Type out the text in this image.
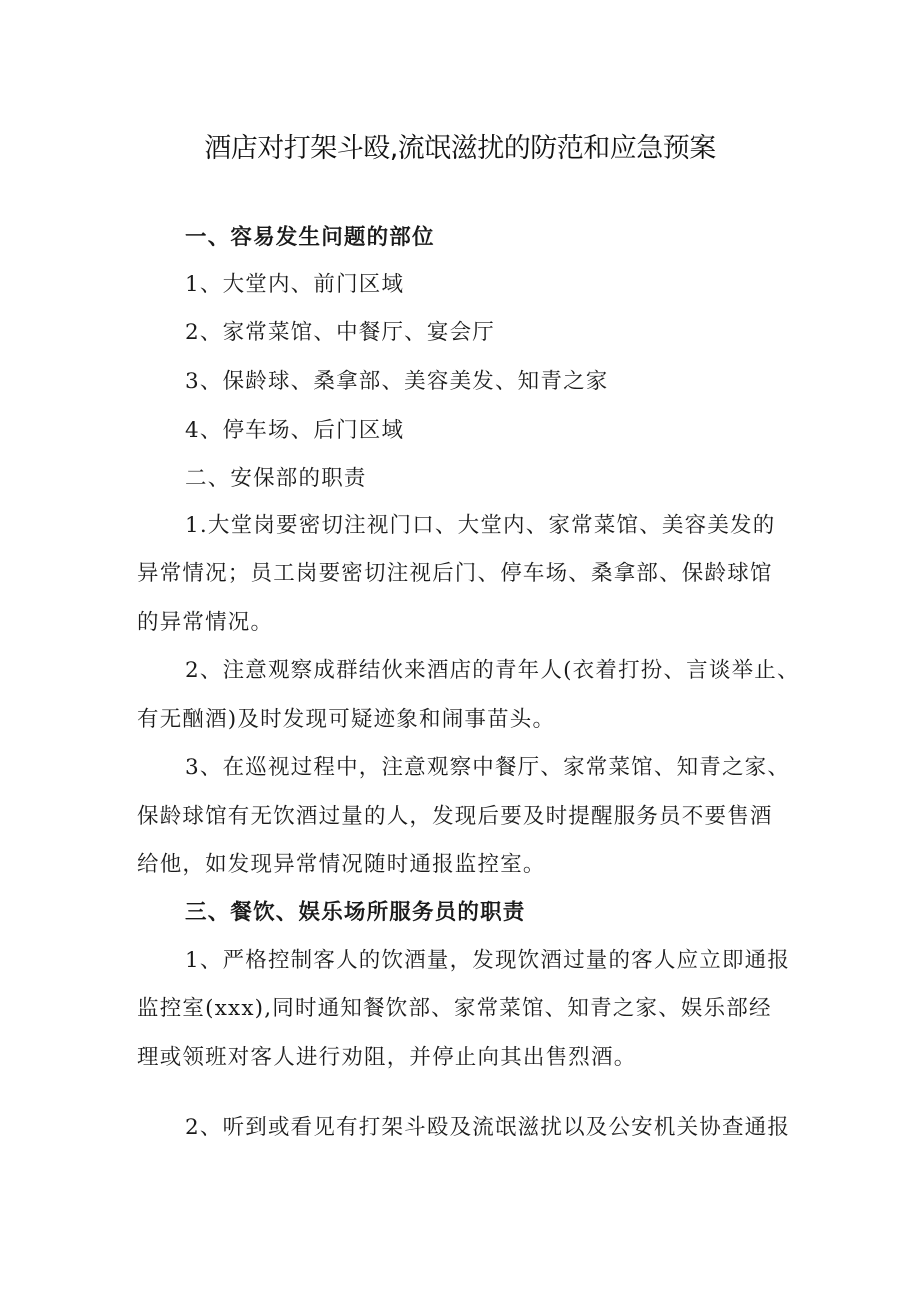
酒店对打架斗殴,流氓滋扰的防范和应急预案
一、容易发生问题的部位
1、大堂内、前门区域
2、家常菜馆、中餐厅、宴会厅
3、保龄球、桑拿部、美容美发、知青之家
4、停车场、后门区域
二、安保部的职责
1.大堂岗要密切注视门口、大堂内、家常菜馆、美容美发的
异常情况；员工岗要密切注视后门、停车场、桑拿部、保龄球馆
的异常情况。
2、注意观察成群结伙来酒店的青年人(衣着打扮、言谈举止、
有无酗酒)及时发现可疑迹象和闹事苗头。
3、在巡视过程中，注意观察中餐厅、家常菜馆、知青之家、
保龄球馆有无饮酒过量的人，发现后要及时提醒服务员不要售酒
给他，如发现异常情况随时通报监控室。
三、餐饮、娱乐场所服务员的职责
1、严格控制客人的饮酒量，发现饮酒过量的客人应立即通报
监控室(xxx),同时通知餐饮部、家常菜馆、知青之家、娱乐部经
理或领班对客人进行劝阻，并停止向其出售烈酒。
2、听到或看见有打架斗殴及流氓滋扰以及公安机关协查通报
